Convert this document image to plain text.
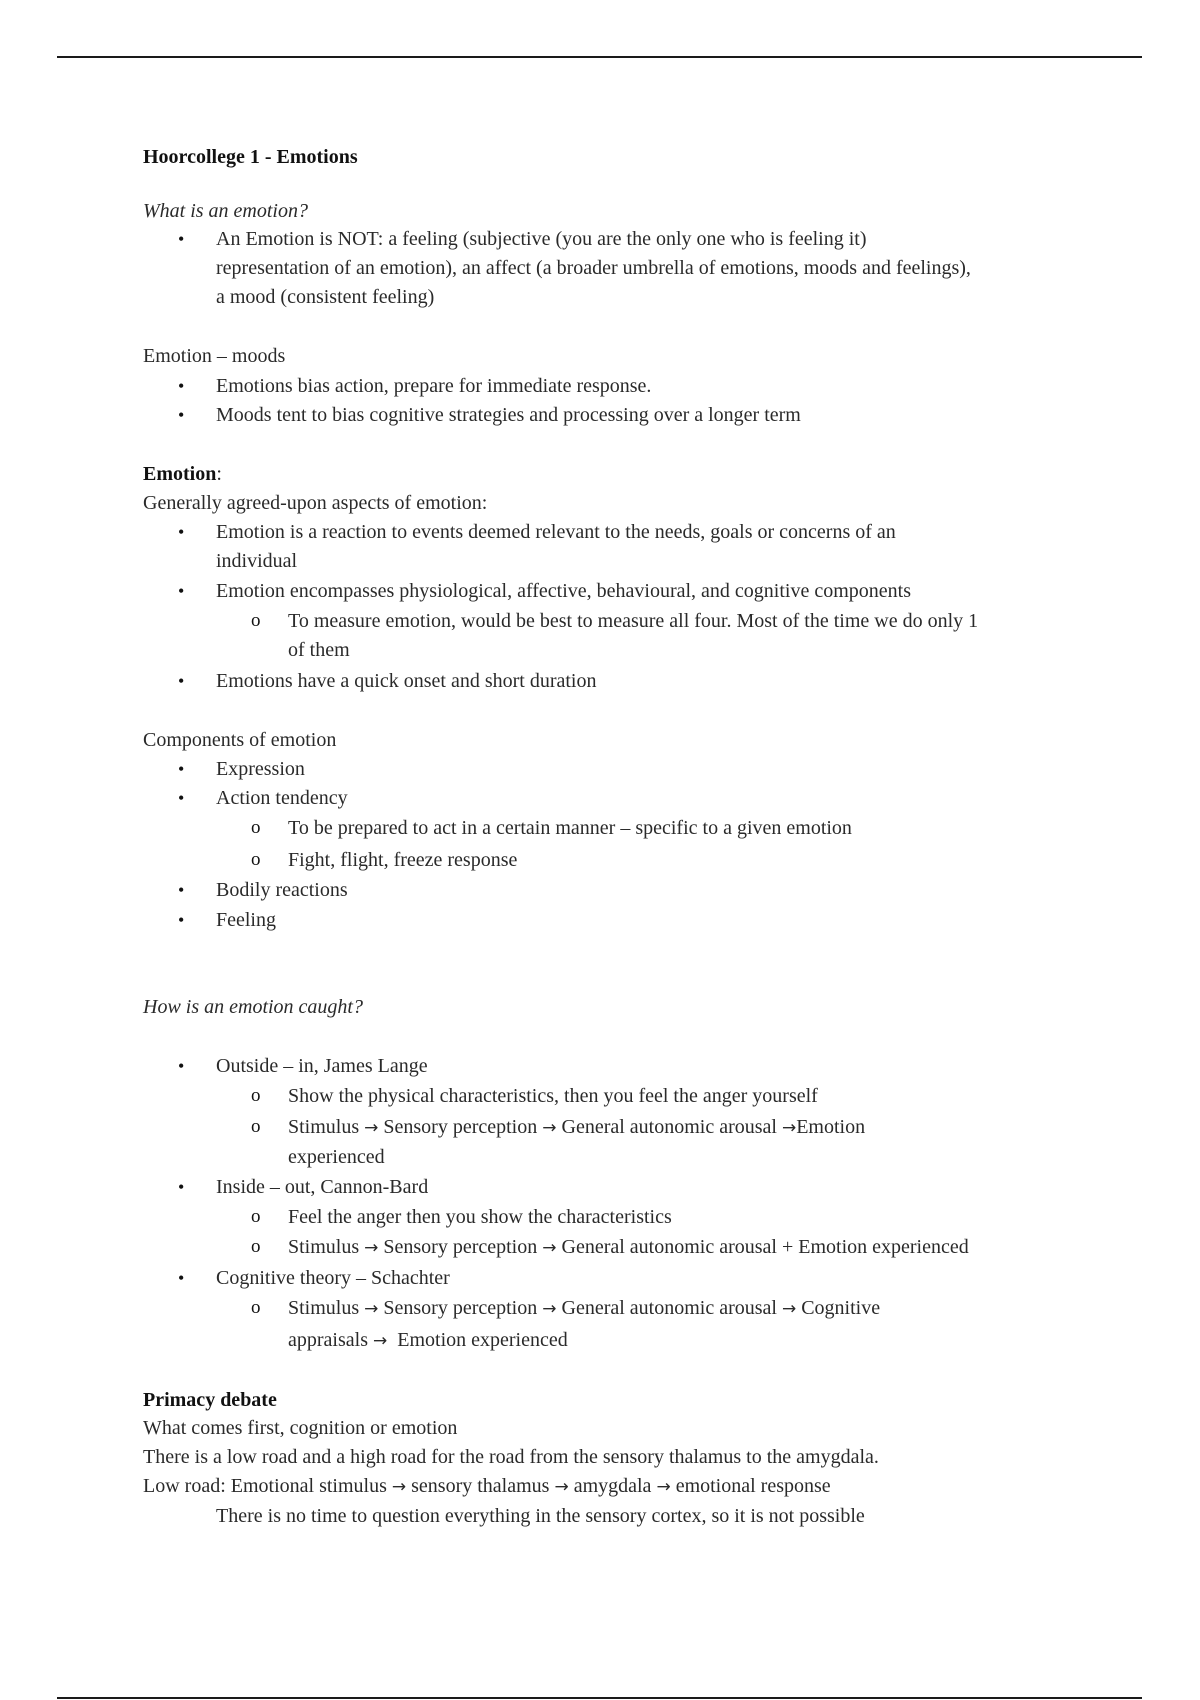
Hoorcollege 1 - Emotions

What is an emotion?

• An Emotion is NOT: a feeling (subjective (you are the only one who is feeling it)

representation of an emotion), an affect (a broader umbrella of emotions, moods and feelings),

a mood (consistent feeling)

Emotion – moods

• Emotions bias action, prepare for immediate response.

• Moods tent to bias cognitive strategies and processing over a longer term

Emotion:

Generally agreed-upon aspects of emotion:

• Emotion is a reaction to events deemed relevant to the needs, goals or concerns of an

individual

• Emotion encompasses physiological, affective, behavioural, and cognitive components

o To measure emotion, would be best to measure all four. Most of the time we do only 1

of them

• Emotions have a quick onset and short duration

Components of emotion

• Expression

• Action tendency

o To be prepared to act in a certain manner – specific to a given emotion

o Fight, flight, freeze response

• Bodily reactions

• Feeling

How is an emotion caught?

• Outside – in, James Lange

o Show the physical characteristics, then you feel the anger yourself

o Stimulus → Sensory perception → General autonomic arousal →Emotion

experienced

• Inside – out, Cannon-Bard

o Feel the anger then you show the characteristics

o Stimulus → Sensory perception → General autonomic arousal + Emotion experienced

• Cognitive theory – Schachter

o Stimulus → Sensory perception → General autonomic arousal → Cognitive

appraisals →  Emotion experienced

Primacy debate

What comes first, cognition or emotion

There is a low road and a high road for the road from the sensory thalamus to the amygdala.

Low road: Emotional stimulus → sensory thalamus → amygdala → emotional response

There is no time to question everything in the sensory cortex, so it is not possible
